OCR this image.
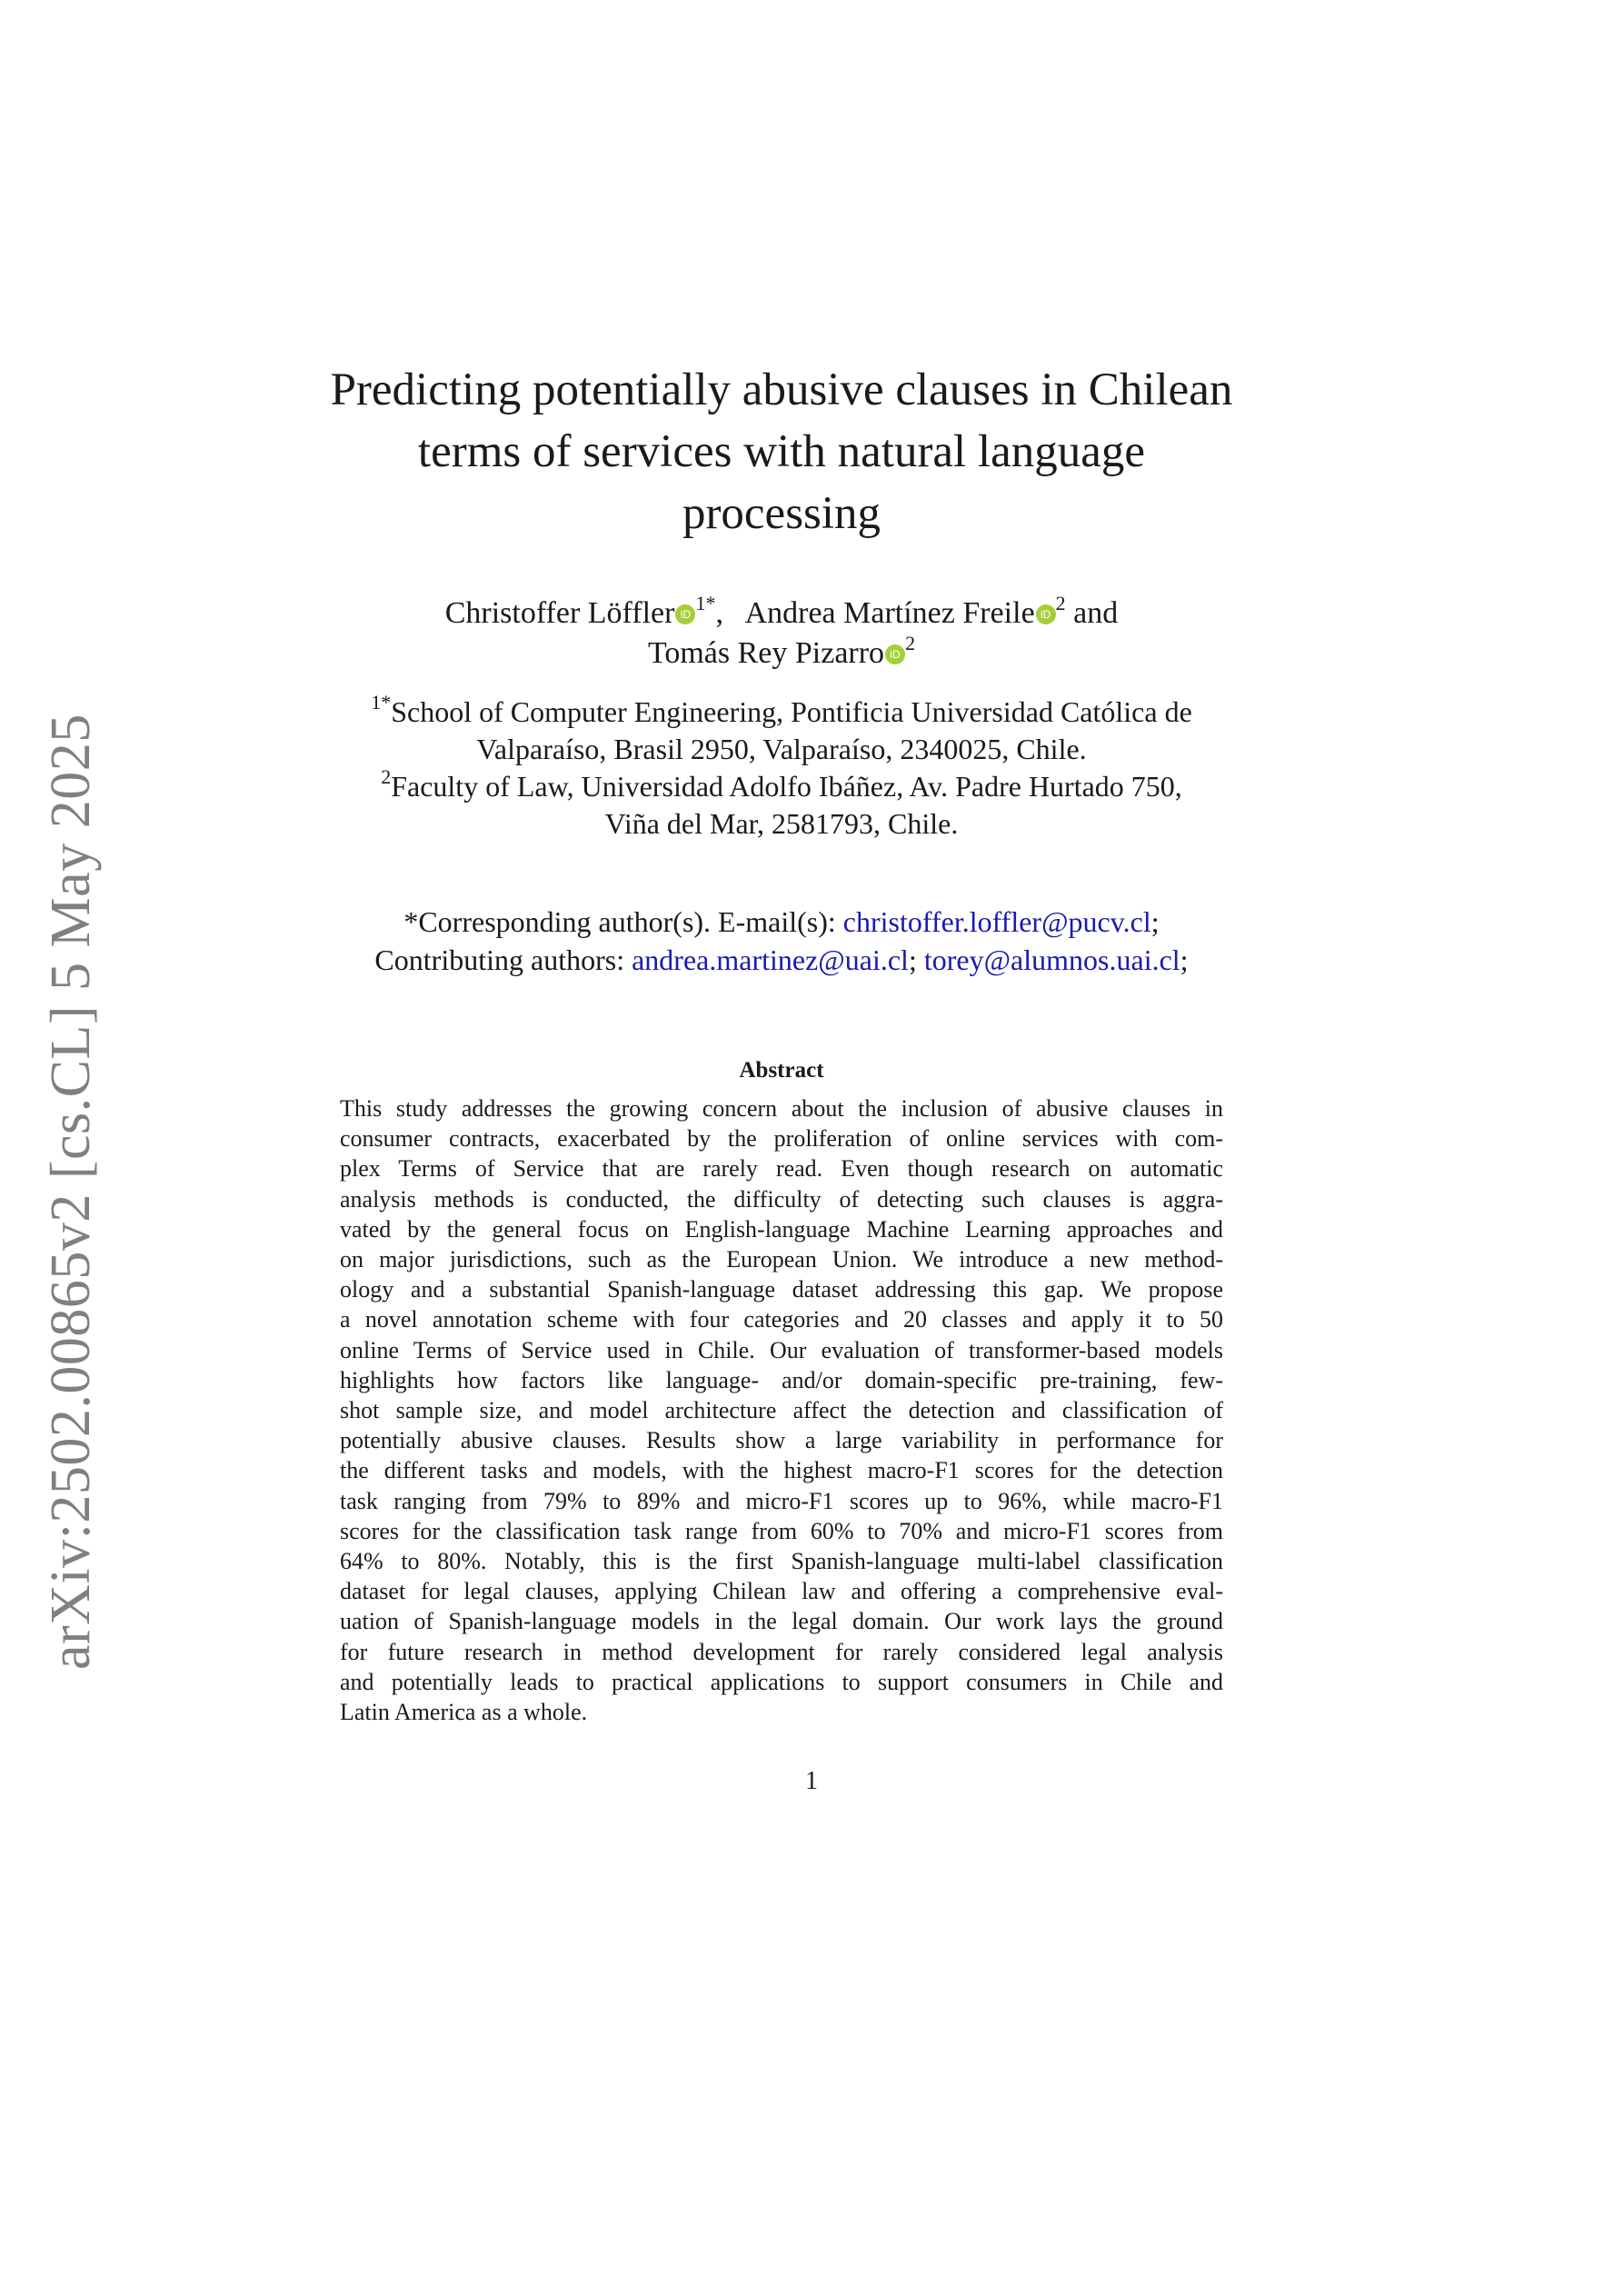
arXiv:2502.00865v2 [cs.CL] 5 May 2025
Predicting potentially abusive clauses in Chilean
terms of services with natural language
processing
Christoffer Löffler iD $^{1*}$,   Andrea Martínez Freile iD $^2$ and
Tomás Rey Pizarro iD $^2$
$^{1*}$School of Computer Engineering, Pontificia Universidad Católica de
Valparaíso, Brasil 2950, Valparaíso, 2340025, Chile.
$^2$Faculty of Law, Universidad Adolfo Ibáñez, Av. Padre Hurtado 750,
Viña del Mar, 2581793, Chile.
*Corresponding author(s). E-mail(s): christoffer.loffler@pucv.cl;
Contributing authors: andrea.martinez@uai.cl; torey@alumnos.uai.cl;
Abstract
This study addresses the growing concern about the inclusion of abusive clauses in
consumer contracts, exacerbated by the proliferation of online services with com-
plex Terms of Service that are rarely read. Even though research on automatic
analysis methods is conducted, the difficulty of detecting such clauses is aggra-
vated by the general focus on English-language Machine Learning approaches and
on major jurisdictions, such as the European Union. We introduce a new method-
ology and a substantial Spanish-language dataset addressing this gap. We propose
a novel annotation scheme with four categories and 20 classes and apply it to 50
online Terms of Service used in Chile. Our evaluation of transformer-based models
highlights how factors like language- and/or domain-specific pre-training, few-
shot sample size, and model architecture affect the detection and classification of
potentially abusive clauses. Results show a large variability in performance for
the different tasks and models, with the highest macro-F1 scores for the detection
task ranging from 79% to 89% and micro-F1 scores up to 96%, while macro-F1
scores for the classification task range from 60% to 70% and micro-F1 scores from
64% to 80%. Notably, this is the first Spanish-language multi-label classification
dataset for legal clauses, applying Chilean law and offering a comprehensive eval-
uation of Spanish-language models in the legal domain. Our work lays the ground
for future research in method development for rarely considered legal analysis
and potentially leads to practical applications to support consumers in Chile and
Latin America as a whole.
1
